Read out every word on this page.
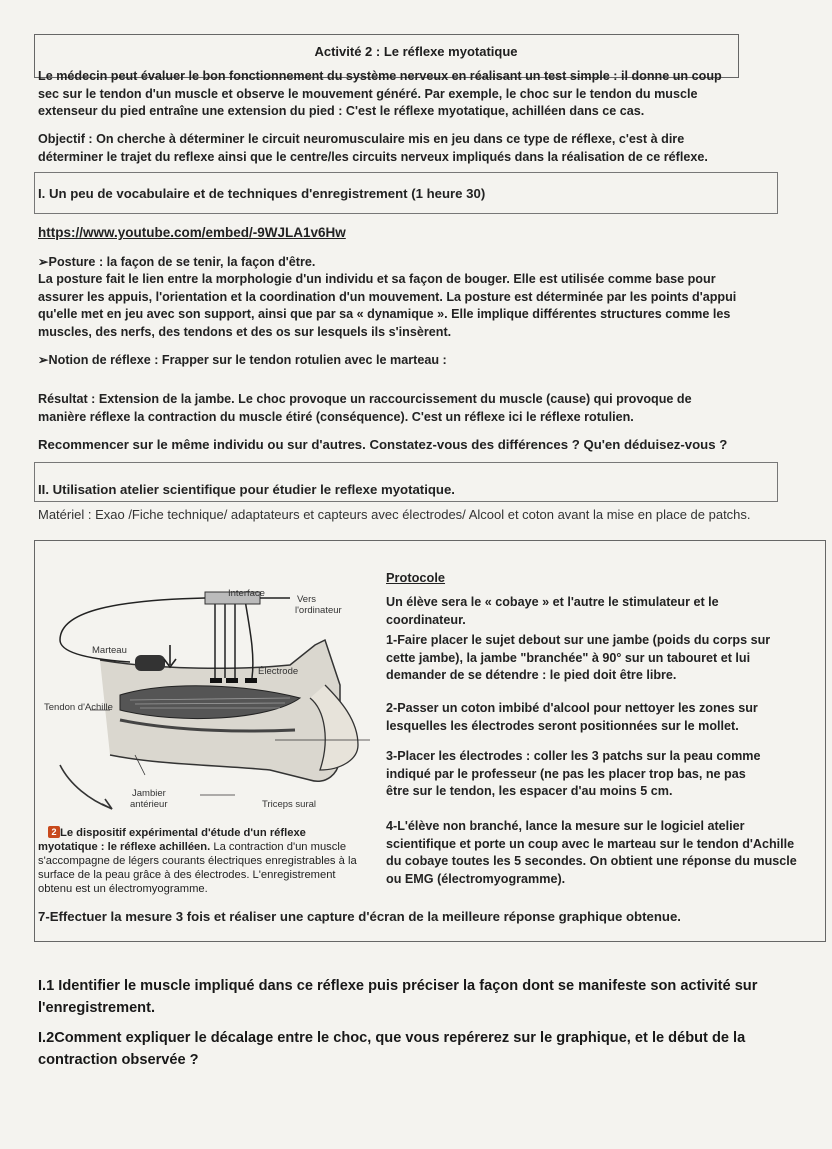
Activité 2 : Le réflexe myotatique

Le médecin peut évaluer le bon fonctionnement du système nerveux en réalisant un test simple : il donne un coup sec sur le tendon d'un muscle et observe le mouvement généré. Par exemple, le choc sur le tendon du muscle extenseur du pied entraîne une extension du pied : C'est le réflexe myotatique, achilléen dans ce cas.

Objectif : On cherche à déterminer le circuit neuromusculaire mis en jeu dans ce type de réflexe, c'est à dire déterminer le trajet du reflexe ainsi que le centre/les circuits nerveux impliqués dans la réalisation de ce réflexe.

I. Un peu de vocabulaire et de techniques d'enregistrement (1 heure 30)

https://www.youtube.com/embed/-9WJLA1v6Hw

➢Posture : la façon de se tenir, la façon d'être.

La posture fait le lien entre la morphologie d'un individu et sa façon de bouger. Elle est utilisée comme base pour assurer les appuis, l'orientation et la coordination d'un mouvement. La posture est déterminée par les points d'appui qu'elle met en jeu avec son support, ainsi que par sa « dynamique ». Elle implique différentes structures comme les muscles, des nerfs, des tendons et des os sur lesquels ils s'insèrent.

➢Notion de réflexe : Frapper sur le tendon rotulien avec le marteau :

Résultat : Extension de la jambe. Le choc provoque un raccourcissement du muscle (cause) qui provoque de manière réflexe la contraction du muscle étiré (conséquence). C'est un réflexe ici le réflexe rotulien.

Recommencer sur le même individu ou sur d'autres. Constatez-vous des différences ? Qu'en déduisez-vous ?

II. Utilisation atelier scientifique pour étudier le reflexe myotatique.

Matériel : Exao /Fiche technique/ adaptateurs et capteurs avec électrodes/ Alcool et coton avant la mise en place de patchs.

Interface
Vers
l'ordinateur
Marteau
Électrode
Tendon d'Achille
Jambier
antérieur	Triceps sural
2 Le dispositif expérimental d'étude d'un réflexe myotatique : le réflexe achilléen. La contraction d'un muscle s'accompagne de légers courants électriques enregistrables à la surface de la peau grâce à des électrodes. L'enregistrement obtenu est un électromyogramme.

Protocole

Un élève sera le « cobaye » et l'autre le stimulateur et le coordinateur.

1-Faire placer le sujet debout sur une jambe (poids du corps sur cette jambe), la jambe "branchée" à 90° sur un tabouret et lui demander de se détendre : le pied doit être libre.

2-Passer un coton imbibé d'alcool pour nettoyer les zones sur lesquelles les électrodes seront positionnées sur le mollet.

3-Placer les électrodes : coller les 3 patchs sur la peau comme indiqué par le professeur (ne pas les placer trop bas, ne pas être sur le tendon, les espacer d'au moins 5 cm.

4-L'élève non branché, lance la mesure sur le logiciel atelier scientifique et porte un coup avec le marteau sur le tendon d'Achille du cobaye toutes les 5 secondes. On obtient une réponse du muscle ou EMG (électromyogramme).

7-Effectuer la mesure 3 fois et réaliser une capture d'écran de la meilleure réponse graphique obtenue.

I.1 Identifier le muscle impliqué dans ce réflexe puis préciser la façon dont se manifeste son activité sur l'enregistrement.

I.2Comment expliquer le décalage entre le choc, que vous repérerez sur le graphique, et le début de la contraction observée ?
